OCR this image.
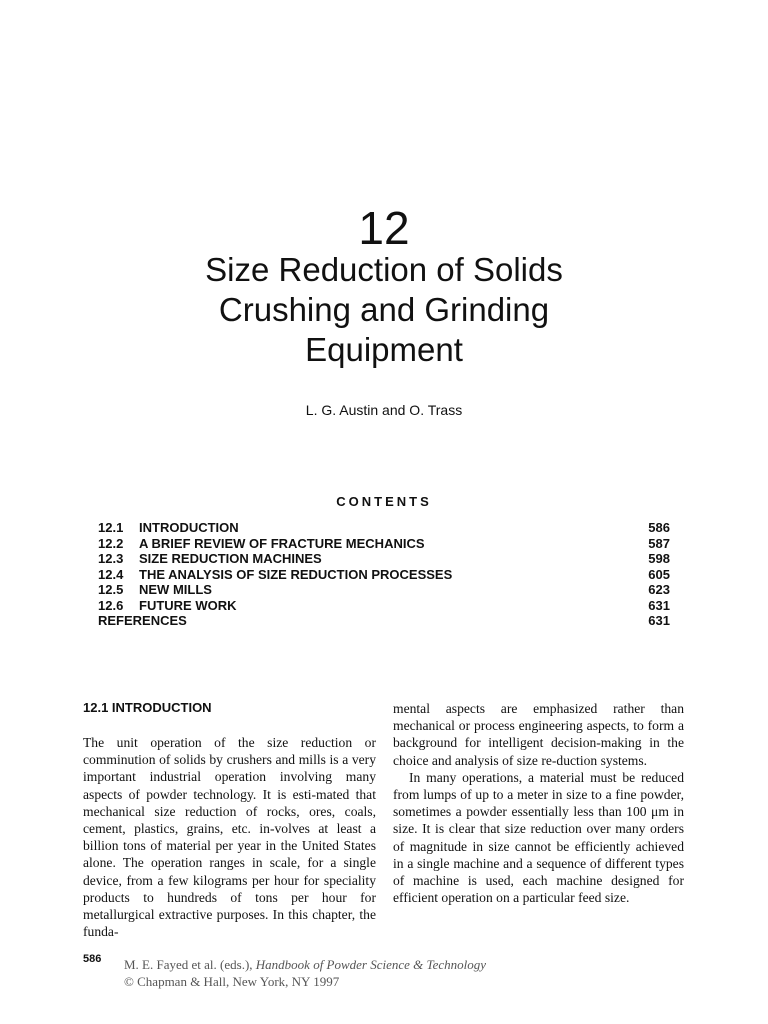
12
Size Reduction of Solids
Crushing and Grinding
Equipment
L. G. Austin and O. Trass
CONTENTS
12.1 INTRODUCTION	586
12.2 A BRIEF REVIEW OF FRACTURE MECHANICS	587
12.3 SIZE REDUCTION MACHINES	598
12.4 THE ANALYSIS OF SIZE REDUCTION PROCESSES	605
12.5 NEW MILLS	623
12.6 FUTURE WORK	631
REFERENCES	631
12.1 INTRODUCTION

The unit operation of the size reduction or comminution of solids by crushers and mills is a very important industrial operation involving many aspects of powder technology. It is esti-mated that mechanical size reduction of rocks, ores, coals, cement, plastics, grains, etc. in-volves at least a billion tons of material per year in the United States alone. The operation ranges in scale, for a single device, from a few kilograms per hour for speciality products to hundreds of tons per hour for metallurgical extractive purposes. In this chapter, the funda-

mental aspects are emphasized rather than mechanical or process engineering aspects, to form a background for intelligent decision-making in the choice and analysis of size re-duction systems.

In many operations, a material must be reduced from lumps of up to a meter in size to a fine powder, sometimes a powder essentially less than 100 μm in size. It is clear that size reduction over many orders of magnitude in size cannot be efficiently achieved in a single machine and a sequence of different types of machine is used, each machine designed for efficient operation on a particular feed size.

586 M. E. Fayed et al. (eds.), Handbook of Powder Science & Technology
© Chapman & Hall, New York, NY 1997
